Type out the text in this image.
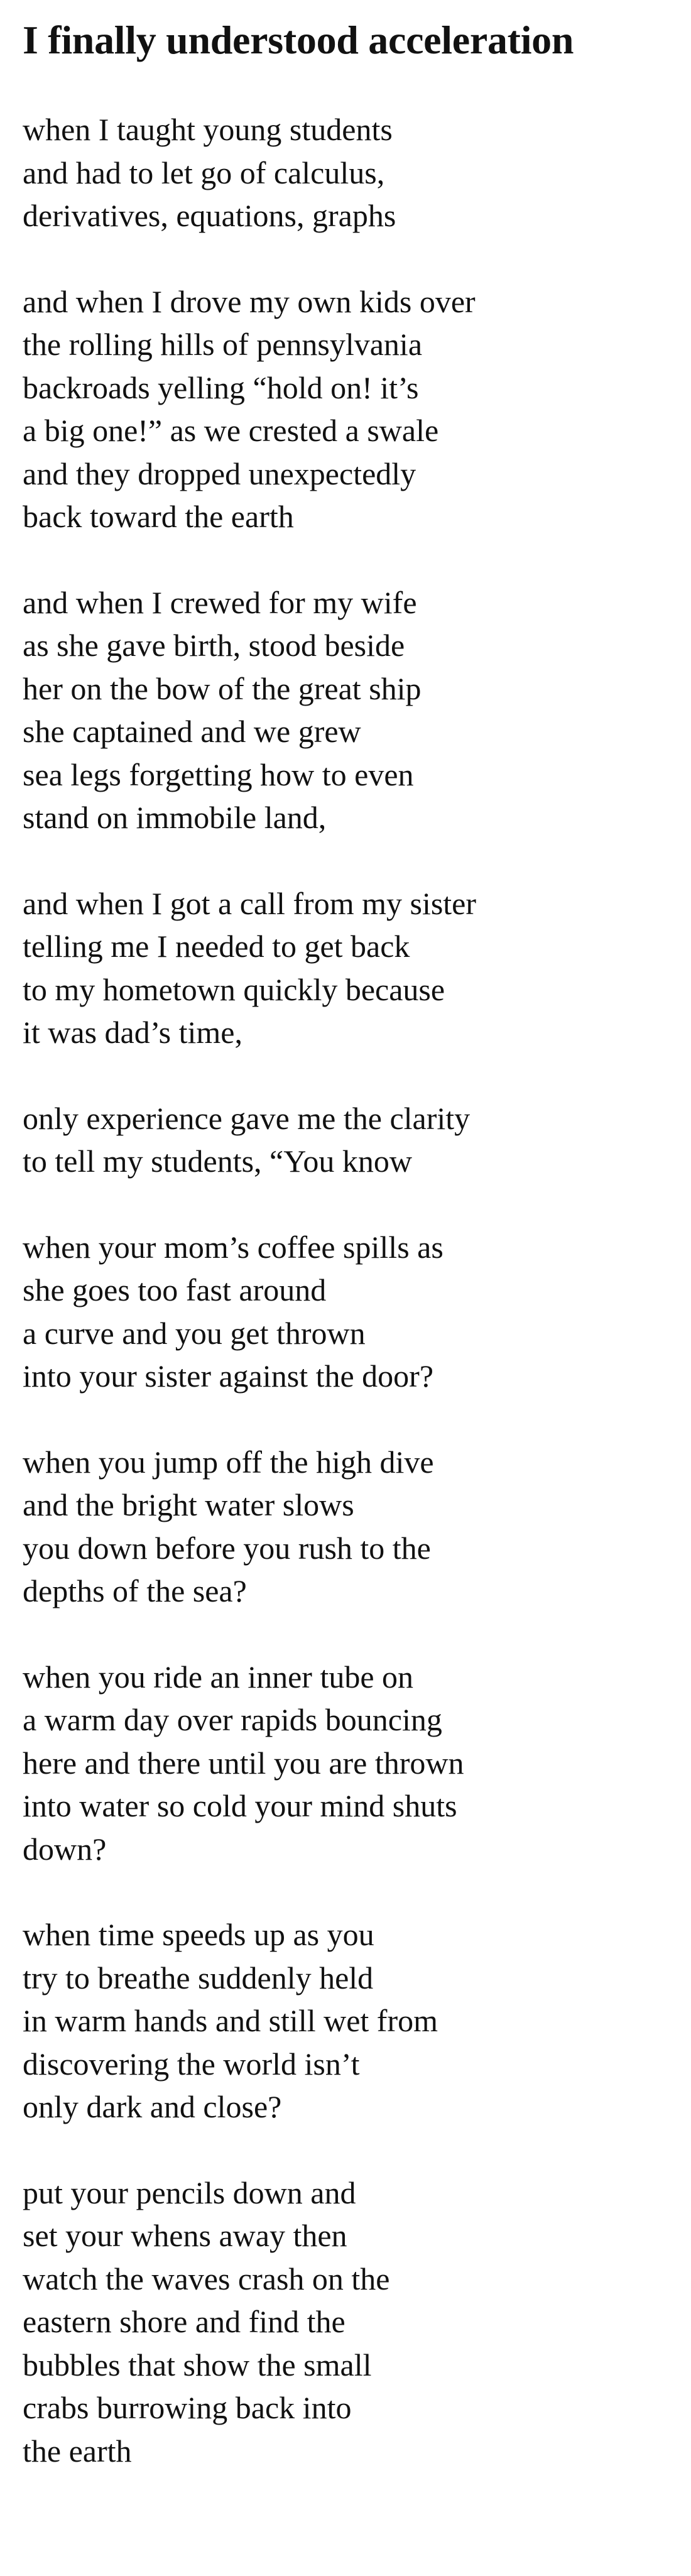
I finally understood acceleration
when I taught young students
and had to let go of calculus,
derivatives, equations, graphs
and when I drove my own kids over
the rolling hills of pennsylvania
backroads yelling “hold on! it’s
a big one!” as we crested a swale
and they dropped unexpectedly
back toward the earth
and when I crewed for my wife
as she gave birth, stood beside
her on the bow of the great ship
she captained and we grew
sea legs forgetting how to even
stand on immobile land,
and when I got a call from my sister
telling me I needed to get back
to my hometown quickly because
it was dad’s time,
only experience gave me the clarity
to tell my students, “You know
when your mom’s coffee spills as
she goes too fast around
a curve and you get thrown
into your sister against the door?
when you jump off the high dive
and the bright water slows
you down before you rush to the
depths of the sea?
when you ride an inner tube on
a warm day over rapids bouncing
here and there until you are thrown
into water so cold your mind shuts
down?
when time speeds up as you
try to breathe suddenly held
in warm hands and still wet from
discovering the world isn’t
only dark and close?
put your pencils down and
set your whens away then
watch the waves crash on the
eastern shore and find the
bubbles that show the small
crabs burrowing back into
the earth
